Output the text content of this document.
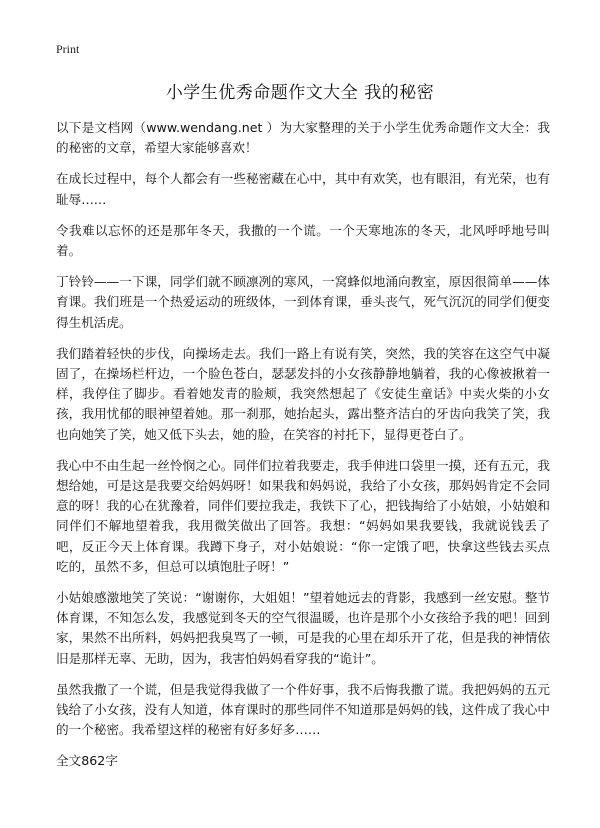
Print
小学生优秀命题作文大全 我的秘密

以下是文档网（www.wendang.net ）为大家整理的关于小学生优秀命题作文大全：我的秘密的文章，希望大家能够喜欢！

在成长过程中，每个人都会有一些秘密藏在心中，其中有欢笑，也有眼泪，有光荣，也有耻辱……

令我难以忘怀的还是那年冬天，我撒的一个谎。一个天寒地冻的冬天，北风呼呼地号叫着。

丁铃铃——一下课，同学们就不顾凛冽的寒风，一窝蜂似地涌向教室，原因很简单——体育课。我们班是一个热爱运动的班级体，一到体育课，垂头丧气，死气沉沉的同学们便变得生机活虎。

我们踏着轻快的步伐，向操场走去。我们一路上有说有笑，突然，我的笑容在这空气中凝固了，在操场栏杆边，一个脸色苍白，瑟瑟发抖的小女孩静静地躺着，我的心像被揪着一样，我停住了脚步。看着她发青的脸颊，我突然想起了《安徒生童话》中卖火柴的小女孩，我用忧郁的眼神望着她。那一刹那，她抬起头，露出整齐洁白的牙齿向我笑了笑，我也向她笑了笑，她又低下头去，她的脸，在笑容的衬托下，显得更苍白了。

我心中不由生起一丝怜悯之心。同伴们拉着我要走，我手伸进口袋里一摸，还有五元，我想给她，可是这是我要交给妈妈呀！如果我和妈妈说，我给了小女孩，那妈妈肯定不会同意的呀！我的心在犹豫着，同伴们要拉我走，我铁下了心，把钱掏给了小姑娘，小姑娘和同伴们不解地望着我，我用微笑做出了回答。我想：“妈妈如果我要钱，我就说钱丢了吧，反正今天上体育课。我蹲下身子，对小姑娘说：“你一定饿了吧，快拿这些钱去买点吃的，虽然不多，但总可以填饱肚子呀！”

小姑娘感激地笑了笑说：“谢谢你，大姐姐！”望着她远去的背影，我感到一丝安慰。整节体育课，不知怎么发，我感觉到冬天的空气很温暖，也许是那个小女孩给予我的吧！回到家，果然不出所料，妈妈把我臭骂了一顿，可是我的心里在却乐开了花，但是我的神情依旧是那样无辜、无助，因为，我害怕妈妈看穿我的“诡计”。

虽然我撒了一个谎，但是我觉得我做了一个件好事，我不后悔我撒了谎。我把妈妈的五元钱给了小女孩，没有人知道，体育课时的那些同伴不知道那是妈妈的钱，这件成了我心中的一个秘密。我希望这样的秘密有好多好多……

全文862字
